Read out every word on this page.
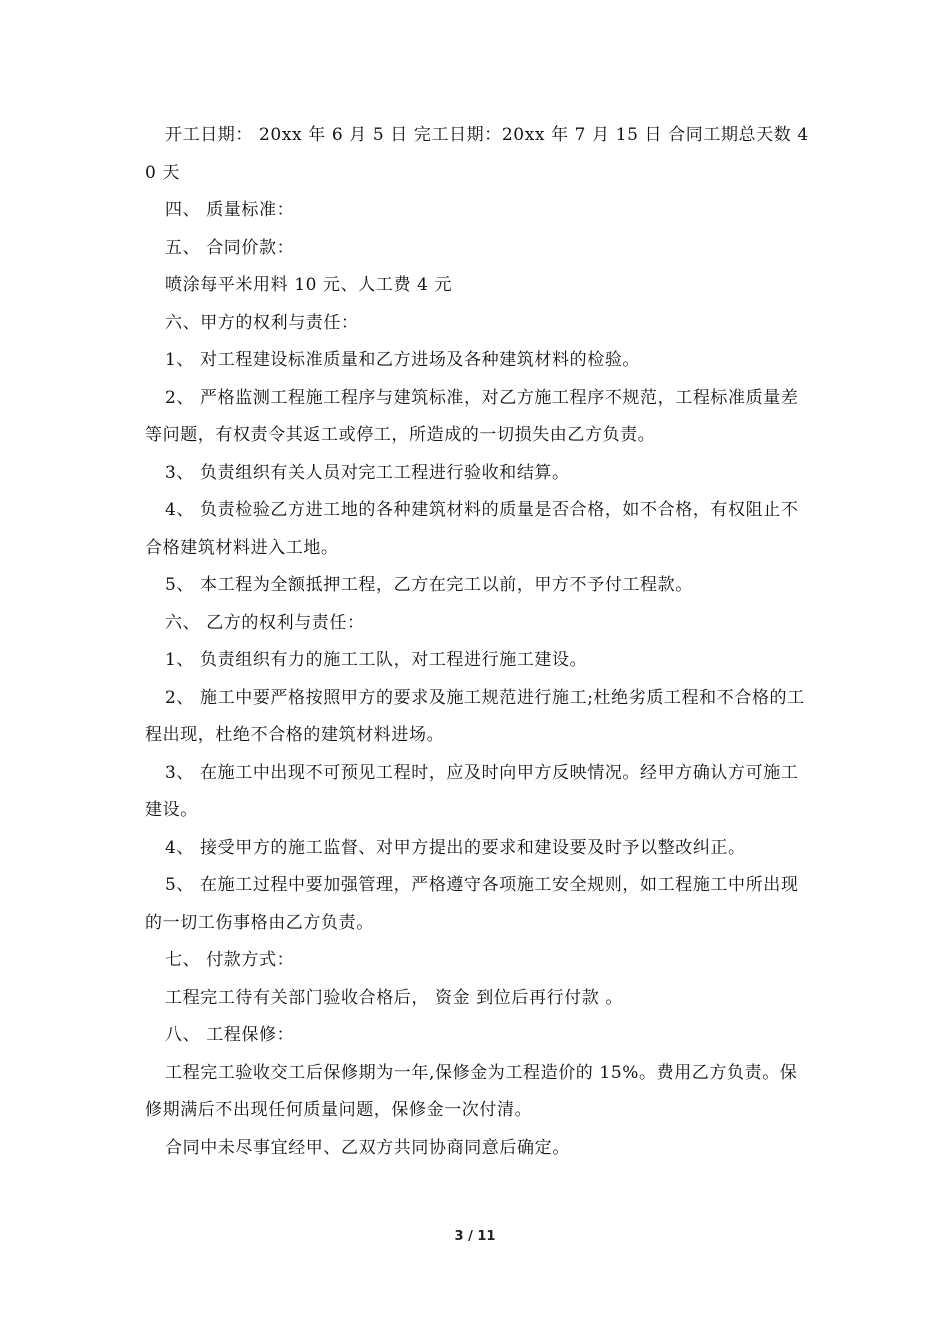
开工日期： 20xx 年 6 月 5 日 完工日期：20xx 年 7 月 15 日 合同工期总天数 40 天

四、 质量标准：

五、 合同价款：

喷涂每平米用料 10 元、人工费 4 元

六、甲方的权利与责任：

1、 对工程建设标准质量和乙方进场及各种建筑材料的检验。

2、 严格监测工程施工程序与建筑标准，对乙方施工程序不规范，工程标准质量差等问题，有权责令其返工或停工，所造成的一切损失由乙方负责。

3、 负责组织有关人员对完工工程进行验收和结算。

4、 负责检验乙方进工地的各种建筑材料的质量是否合格，如不合格，有权阻止不合格建筑材料进入工地。

5、 本工程为全额抵押工程，乙方在完工以前，甲方不予付工程款。

六、 乙方的权利与责任：

1、 负责组织有力的施工工队，对工程进行施工建设。

2、 施工中要严格按照甲方的要求及施工规范进行施工;杜绝劣质工程和不合格的工程出现，杜绝不合格的建筑材料进场。

3、 在施工中出现不可预见工程时，应及时向甲方反映情况。经甲方确认方可施工建设。

4、 接受甲方的施工监督、对甲方提出的要求和建设要及时予以整改纠正。

5、 在施工过程中要加强管理，严格遵守各项施工安全规则，如工程施工中所出现的一切工伤事格由乙方负责。

七、 付款方式：

工程完工待有关部门验收合格后， 资金 到位后再行付款 。

八、 工程保修：

工程完工验收交工后保修期为一年,保修金为工程造价的 15%。费用乙方负责。保修期满后不出现任何质量问题，保修金一次付清。

合同中未尽事宜经甲、乙双方共同协商同意后确定。

3 / 11
